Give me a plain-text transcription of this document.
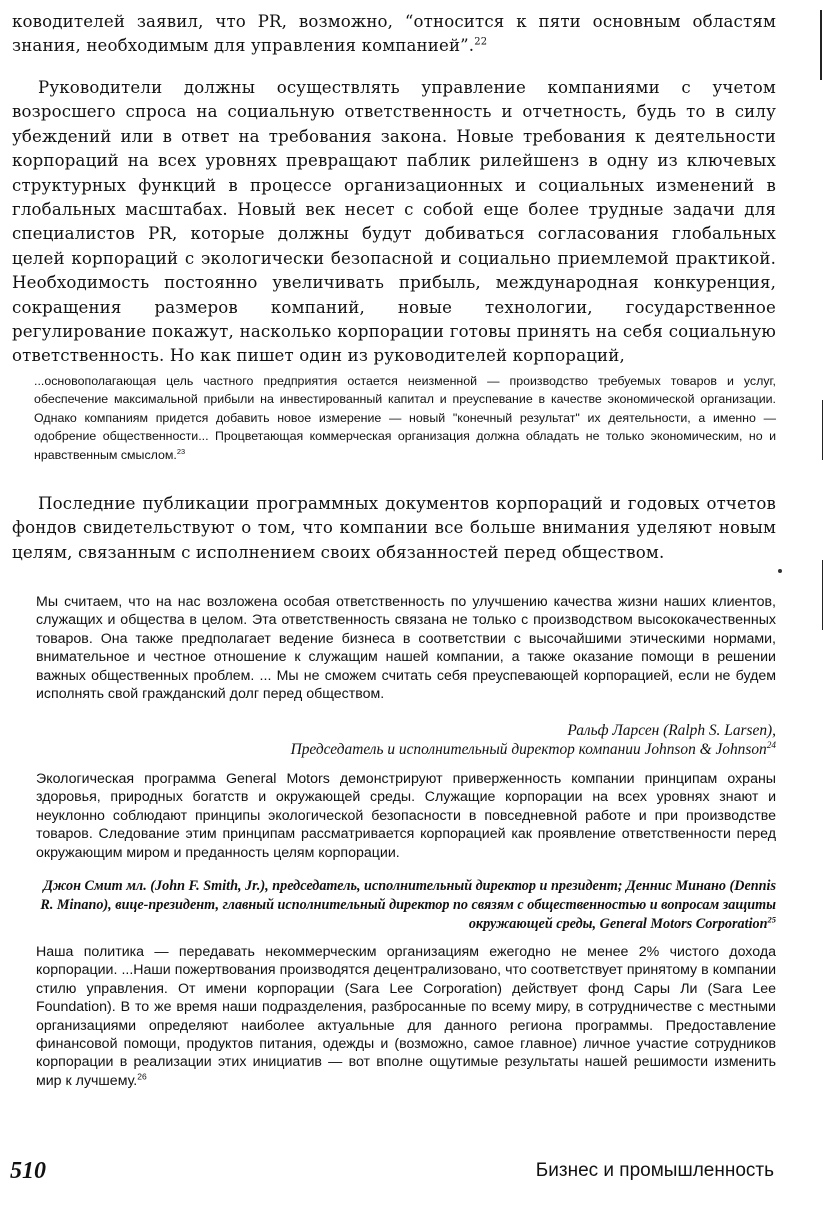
ководителей заявил, что PR, возможно, “относится к пяти основным областям знания, необходимым для управления компанией”.$^{22}$

Руководители должны осуществлять управление компаниями с учетом возросшего спроса на социальную ответственность и отчетность, будь то в силу убеждений или в ответ на требования закона. Новые требования к деятельности корпораций на всех уровнях превращают паблик рилейшенз в одну из ключевых структурных функций в процессе организационных и социальных изменений в глобальных масштабах. Новый век несет с собой еще более трудные задачи для специалистов PR, которые должны будут добиваться согласования глобальных целей корпораций с экологически безопасной и социально приемлемой практикой. Необходимость постоянно увеличивать прибыль, международная конкуренция, сокращения размеров компаний, новые технологии, государственное регулирование покажут, насколько корпорации готовы принять на себя социальную ответственность. Но как пишет один из руководителей корпораций,

...основополагающая цель частного предприятия остается неизменной — производство требуемых товаров и услуг, обеспечение максимальной прибыли на инвестированный капитал и преуспевание в качестве экономической организации. Однако компаниям придется добавить новое измерение — новый "конечный результат" их деятельности, а именно — одобрение общественности... Процветающая коммерческая организация должна обладать не только экономическим, но и нравственным смыслом.$^{23}$

Последние публикации программных документов корпораций и годовых отчетов фондов свидетельствуют о том, что компании все больше внимания уделяют новым целям, связанным с исполнением своих обязанностей перед обществом.

Мы считаем, что на нас возложена особая ответственность по улучшению качества жизни наших клиентов, служащих и общества в целом. Эта ответственность связана не только с производством высококачественных товаров. Она также предполагает ведение бизнеса в соответствии с высочайшими этическими нормами, внимательное и честное отношение к служащим нашей компании, а также оказание помощи в решении важных общественных проблем. ... Мы не сможем считать себя преуспевающей корпорацией, если не будем исполнять свой гражданский долг перед обществом.

Ральф Ларсен (Ralph S. Larsen),

Председатель и исполнительный директор компании Johnson & Johnson$^{24}$

Экологическая программа General Motors демонстрируют приверженность компании принципам охраны здоровья, природных богатств и окружающей среды. Служащие корпорации на всех уровнях знают и неуклонно соблюдают принципы экологической безопасности в повседневной работе и при производстве товаров. Следование этим принципам рассматривается корпорацией как проявление ответственности перед окружающим миром и преданность целям корпорации.

Джон Смит мл. (John F. Smith, Jr.), председатель, исполнительный директор и президент; Деннис Минано (Dennis R. Minano), вице-президент, главный исполнительный директор по связям с общественностью и вопросам защиты окружающей среды, General Motors Corporation$^{25}$

Наша политика — передавать некоммерческим организациям ежегодно не менее 2% чистого дохода корпорации. ...Наши пожертвования производятся децентрализовано, что соответствует принятому в компании стилю управления. От имени корпорации (Sara Lee Corporation) действует фонд Сары Ли (Sara Lee Foundation). В то же время наши подразделения, разбросанные по всему миру, в сотрудничестве с местными организациями определяют наиболее актуальные для данного региона программы. Предоставление финансовой помощи, продуктов питания, одежды и (возможно, самое главное) личное участие сотрудников корпорации в реализации этих инициатив — вот вполне ощутимые результаты нашей решимости изменить мир к лучшему.$^{26}$

510	Бизнес и промышленность
